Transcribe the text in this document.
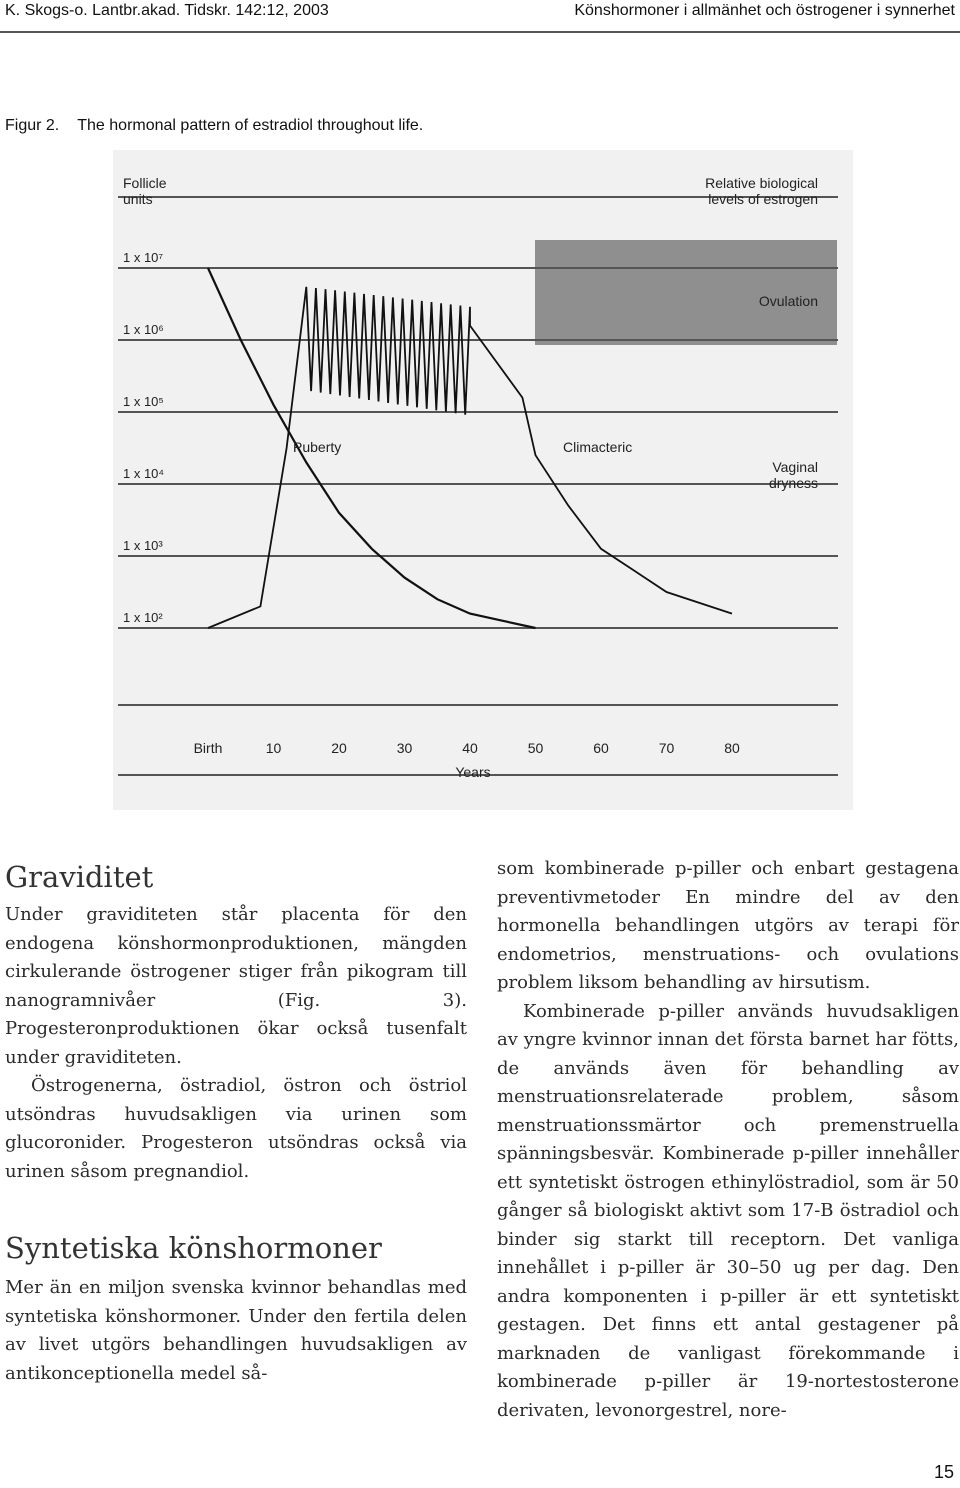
K. Skogs-o. Lantbr.akad. Tidskr. 142:12, 2003	Könshormoner i allmänhet och östrogener i synnerhet
Figur 2. The hormonal pattern of estradiol throughout life.
1 x 10⁷
1 x 10⁶
1 x 10⁵
1 x 10⁴
1 x 10³
1 x 10²
Birth	10	20	30	40	50	60	70	80
Follicle
units
Relative biological
levels of estrogen
Ovulation
Puberty	Climacteric
Vaginal
dryness
Years
Graviditet

Under graviditeten står placenta för den endogena könshormonproduktionen, mängden cirkulerande östrogener stiger från pikogram till nanogramnivåer (Fig. 3). Progesteronproduktionen ökar också tusenfalt under graviditeten.

Östrogenerna, östradiol, östron och östriol utsöndras huvudsakligen via urinen som glucoronider. Progesteron utsöndras också via urinen såsom pregnandiol.

Syntetiska könshormoner

Mer än en miljon svenska kvinnor behandlas med syntetiska könshormoner. Under den fertila delen av livet utgörs behandlingen huvudsakligen av antikonceptionella medel så-

som kombinerade p-piller och enbart gestagena preventivmetoder En mindre del av den hormonella behandlingen utgörs av terapi för endometrios, menstruations- och ovulations problem liksom behandling av hirsutism.

Kombinerade p-piller används huvudsakligen av yngre kvinnor innan det första barnet har fötts, de används även för behandling av menstruationsrelaterade problem, såsom menstruationssmärtor och premenstruella spänningsbesvär. Kombinerade p-piller innehåller ett syntetiskt östrogen ethinylöstradiol, som är 50 gånger så biologiskt aktivt som 17-B östradiol och binder sig starkt till receptorn. Det vanliga innehållet i p-piller är 30–50 ug per dag. Den andra komponenten i p-piller är ett syntetiskt gestagen. Det finns ett antal gestagener på marknaden de vanligast förekommande i kombinerade p-piller är 19-nortestosterone derivaten, levonorgestrel, nore-

15
